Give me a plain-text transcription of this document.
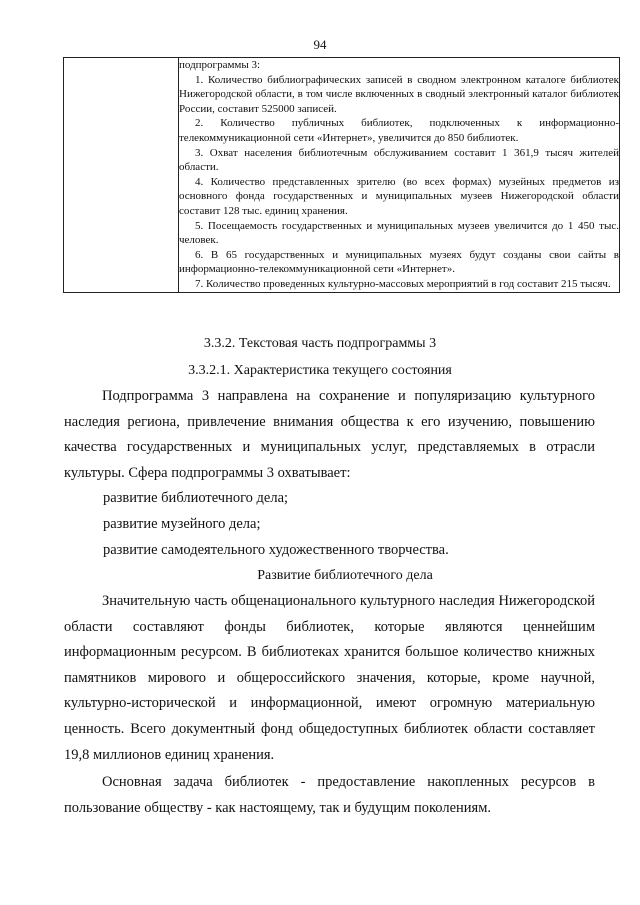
94

подпрограммы 3:

1. Количество библиографических записей в сводном электронном каталоге библиотек Нижегородской области, в том числе включенных в сводный электронный каталог библиотек России, составит 525000 записей.

2. Количество публичных библиотек, подключенных к информационно-телекоммуникационной сети «Интернет», увеличится до 850 библиотек.

3. Охват населения библиотечным обслуживанием составит 1 361,9 тысяч жителей области.

4. Количество представленных зрителю (во всех формах) музейных предметов из основного фонда государственных и муниципальных музеев Нижегородской области составит 128 тыс. единиц хранения.

5. Посещаемость государственных и муниципальных музеев увеличится до 1 450 тыс. человек.

6. В 65 государственных и муниципальных музеях будут созданы свои сайты в информационно-телекоммуникационной сети «Интернет».

7. Количество проведенных культурно-массовых мероприятий в год составит 215 тысяч.

3.3.2. Текстовая часть подпрограммы 3

3.3.2.1. Характеристика текущего состояния

Подпрограмма 3 направлена на сохранение и популяризацию культурного наследия региона, привлечение внимания общества к его изучению, повышению качества государственных и муниципальных услуг, представляемых в отрасли культуры. Сфера подпрограммы 3 охватывает:

развитие библиотечного дела;

развитие музейного дела;

развитие самодеятельного художественного творчества.

Развитие библиотечного дела

Значительную часть общенационального культурного наследия Нижегородской области составляют фонды библиотек, которые являются ценнейшим информационным ресурсом. В библиотеках хранится большое количество книжных памятников мирового и общероссийского значения, которые, кроме научной, культурно-исторической и информационной, имеют огромную материальную ценность. Всего документный фонд общедоступных библиотек области составляет 19,8 миллионов единиц хранения.

Основная задача библиотек - предоставление накопленных ресурсов в пользование обществу - как настоящему, так и будущим поколениям.
